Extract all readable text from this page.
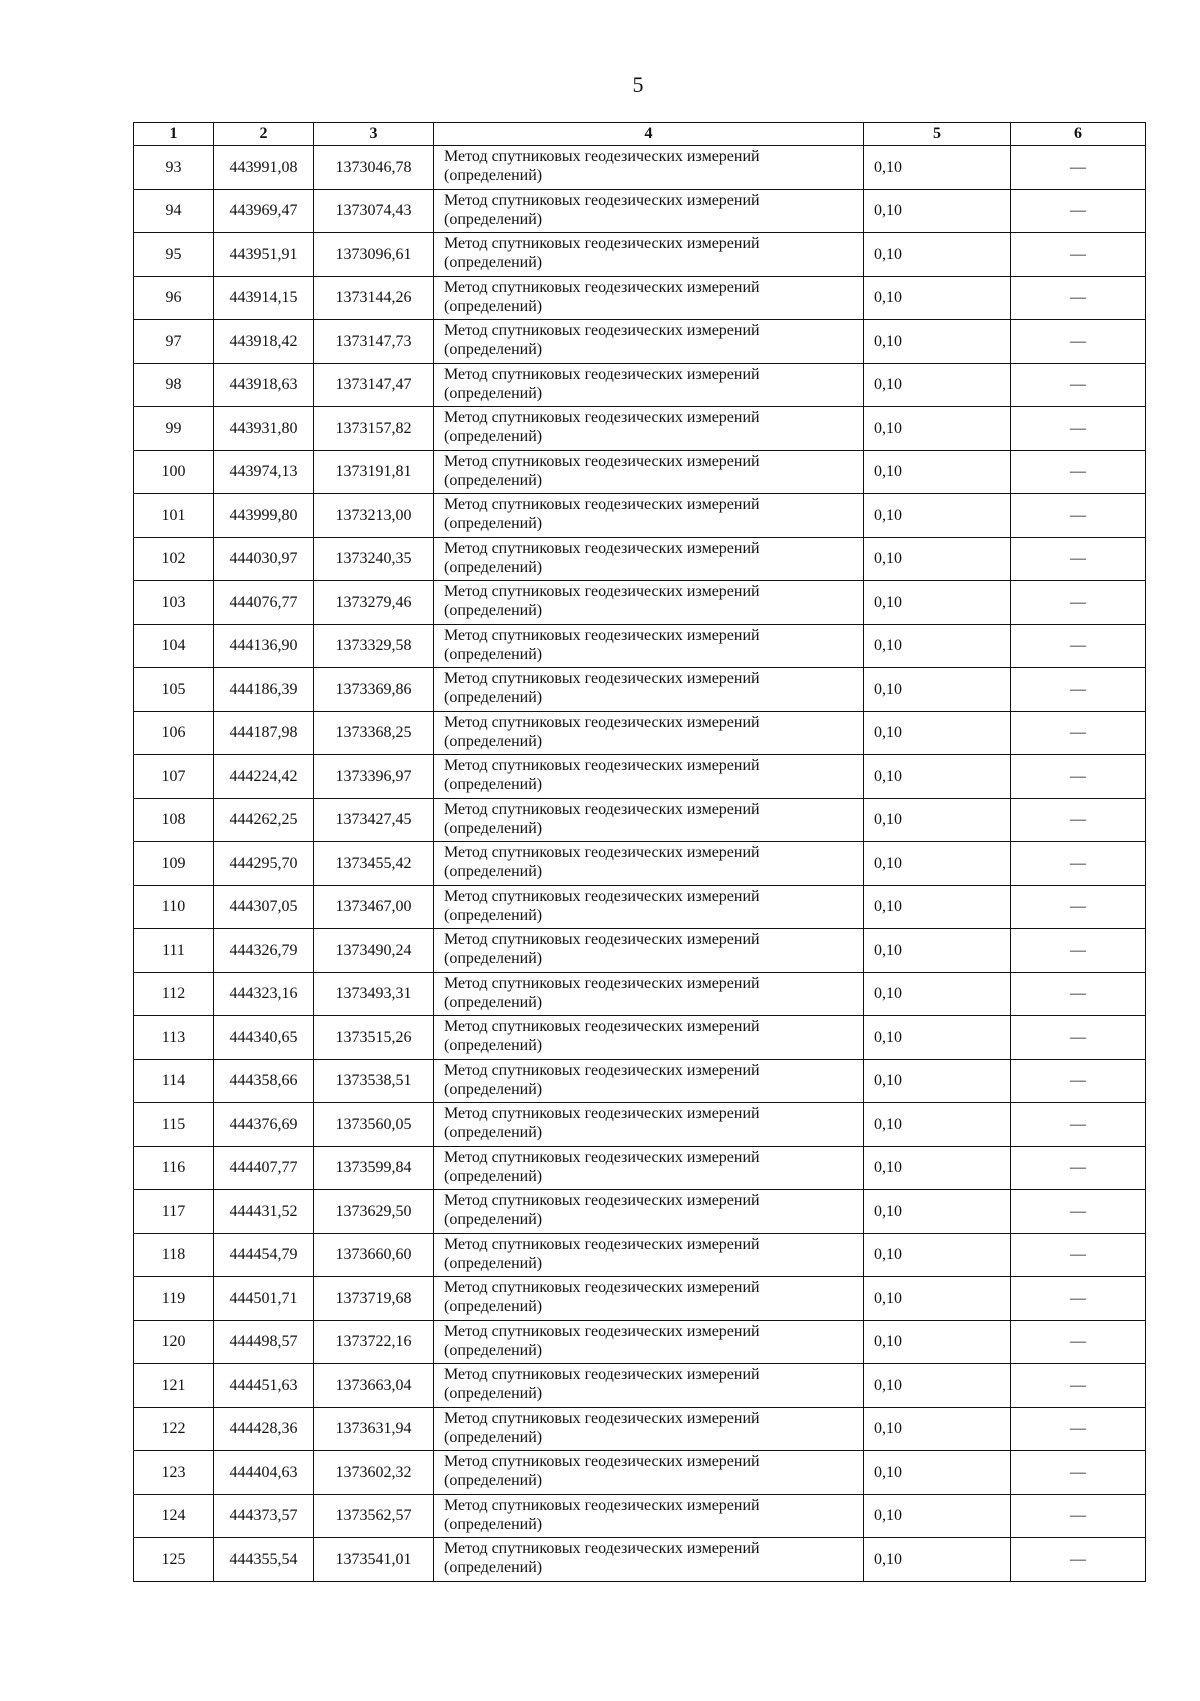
5
1	2	3	4	5	6
93	443991,08	1373046,78	Метод спутниковых геодезических измерений
(определений)	0,10	—
94	443969,47	1373074,43	Метод спутниковых геодезических измерений
(определений)	0,10	—
95	443951,91	1373096,61	Метод спутниковых геодезических измерений
(определений)	0,10	—
96	443914,15	1373144,26	Метод спутниковых геодезических измерений
(определений)	0,10	—
97	443918,42	1373147,73	Метод спутниковых геодезических измерений
(определений)	0,10	—
98	443918,63	1373147,47	Метод спутниковых геодезических измерений
(определений)	0,10	—
99	443931,80	1373157,82	Метод спутниковых геодезических измерений
(определений)	0,10	—
100	443974,13	1373191,81	Метод спутниковых геодезических измерений
(определений)	0,10	—
101	443999,80	1373213,00	Метод спутниковых геодезических измерений
(определений)	0,10	—
102	444030,97	1373240,35	Метод спутниковых геодезических измерений
(определений)	0,10	—
103	444076,77	1373279,46	Метод спутниковых геодезических измерений
(определений)	0,10	—
104	444136,90	1373329,58	Метод спутниковых геодезических измерений
(определений)	0,10	—
105	444186,39	1373369,86	Метод спутниковых геодезических измерений
(определений)	0,10	—
106	444187,98	1373368,25	Метод спутниковых геодезических измерений
(определений)	0,10	—
107	444224,42	1373396,97	Метод спутниковых геодезических измерений
(определений)	0,10	—
108	444262,25	1373427,45	Метод спутниковых геодезических измерений
(определений)	0,10	—
109	444295,70	1373455,42	Метод спутниковых геодезических измерений
(определений)	0,10	—
110	444307,05	1373467,00	Метод спутниковых геодезических измерений
(определений)	0,10	—
111	444326,79	1373490,24	Метод спутниковых геодезических измерений
(определений)	0,10	—
112	444323,16	1373493,31	Метод спутниковых геодезических измерений
(определений)	0,10	—
113	444340,65	1373515,26	Метод спутниковых геодезических измерений
(определений)	0,10	—
114	444358,66	1373538,51	Метод спутниковых геодезических измерений
(определений)	0,10	—
115	444376,69	1373560,05	Метод спутниковых геодезических измерений
(определений)	0,10	—
116	444407,77	1373599,84	Метод спутниковых геодезических измерений
(определений)	0,10	—
117	444431,52	1373629,50	Метод спутниковых геодезических измерений
(определений)	0,10	—
118	444454,79	1373660,60	Метод спутниковых геодезических измерений
(определений)	0,10	—
119	444501,71	1373719,68	Метод спутниковых геодезических измерений
(определений)	0,10	—
120	444498,57	1373722,16	Метод спутниковых геодезических измерений
(определений)	0,10	—
121	444451,63	1373663,04	Метод спутниковых геодезических измерений
(определений)	0,10	—
122	444428,36	1373631,94	Метод спутниковых геодезических измерений
(определений)	0,10	—
123	444404,63	1373602,32	Метод спутниковых геодезических измерений
(определений)	0,10	—
124	444373,57	1373562,57	Метод спутниковых геодезических измерений
(определений)	0,10	—
125	444355,54	1373541,01	Метод спутниковых геодезических измерений
(определений)	0,10	—
